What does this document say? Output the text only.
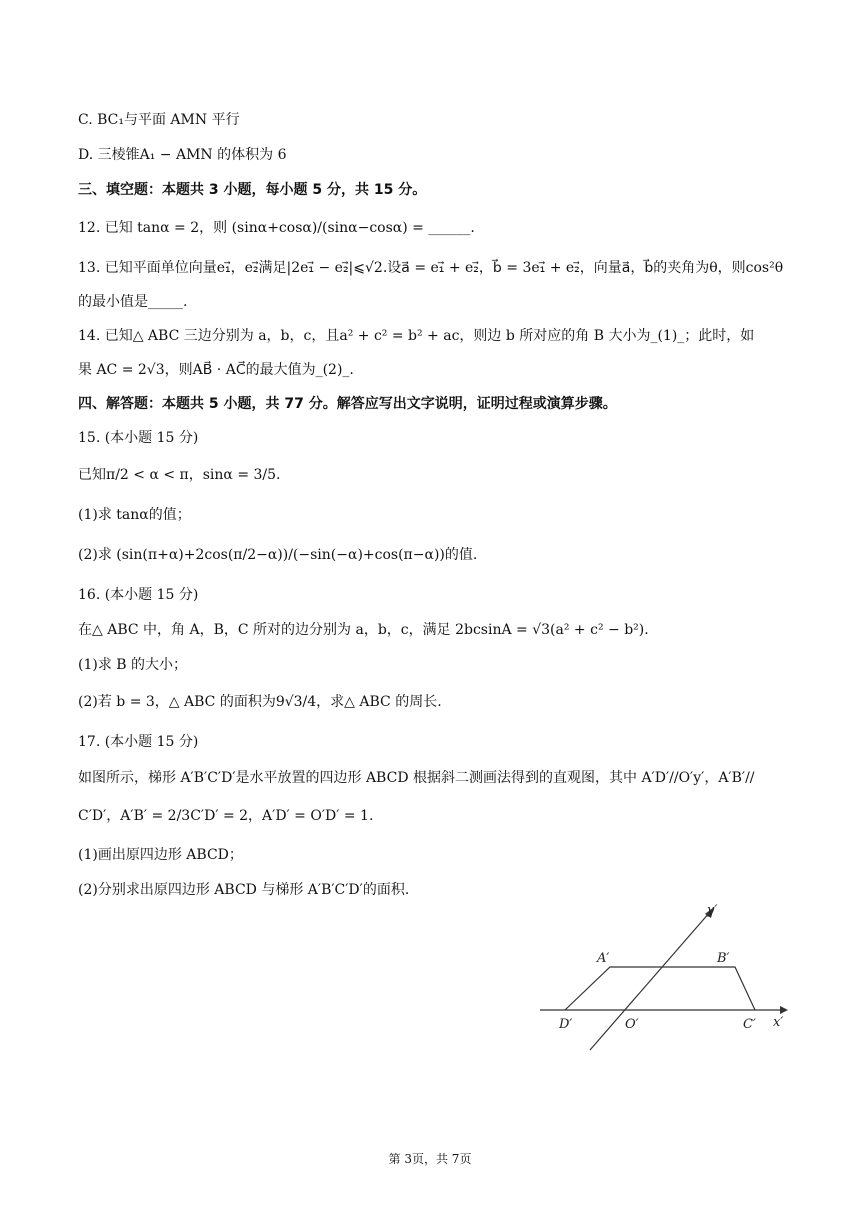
C. BC₁与平面 AMN 平行
D. 三棱锥A₁ − AMN 的体积为 6
三、填空题：本题共 3 小题，每小题 5 分，共 15 分。
12. 已知 tanα = 2，则 (sinα+cosα)/(sinα−cosα) = ______.
13. 已知平面单位向量e₁⃗，e₂⃗满足|2e₁⃗ − e₂⃗|⩽√2.设a⃗ = e₁⃗ + e₂⃗，b⃗ = 3e₁⃗ + e₂⃗，向量a⃗，b⃗的夹角为θ，则cos²θ
的最小值是_____.
14. 已知△ ABC 三边分别为 a，b，c，且a² + c² = b² + ac，则边 b 所对应的角 B 大小为_(1)_；此时，如
果 AC = 2√3，则AB⃗ · AC⃗的最大值为_(2)_.
四、解答题：本题共 5 小题，共 77 分。解答应写出文字说明，证明过程或演算步骤。
15. (本小题 15 分)
已知π/2 < α < π，sinα = 3/5.
(1)求 tanα的值；
(2)求 (sin(π+α)+2cos(π/2−α))/(−sin(−α)+cos(π−α))的值.
16. (本小题 15 分)
在△ ABC 中，角 A，B，C 所对的边分别为 a，b，c，满足 2bcsinA = √3(a² + c² − b²).
(1)求 B 的大小；
(2)若 b = 3，△ ABC 的面积为9√3/4，求△ ABC 的周长.
17. (本小题 15 分)
如图所示，梯形 A′B′C′D′是水平放置的四边形 ABCD 根据斜二测画法得到的直观图，其中 A′D′//O′y′，A′B′//
C′D′，A′B′ = 2/3C′D′ = 2，A′D′ = O′D′ = 1.
(1)画出原四边形 ABCD；
(2)分别求出原四边形 ABCD 与梯形 A′B′C′D′的面积.
A′	B′
C′
D′	O′	x′
y′
第 3页，共 7页
